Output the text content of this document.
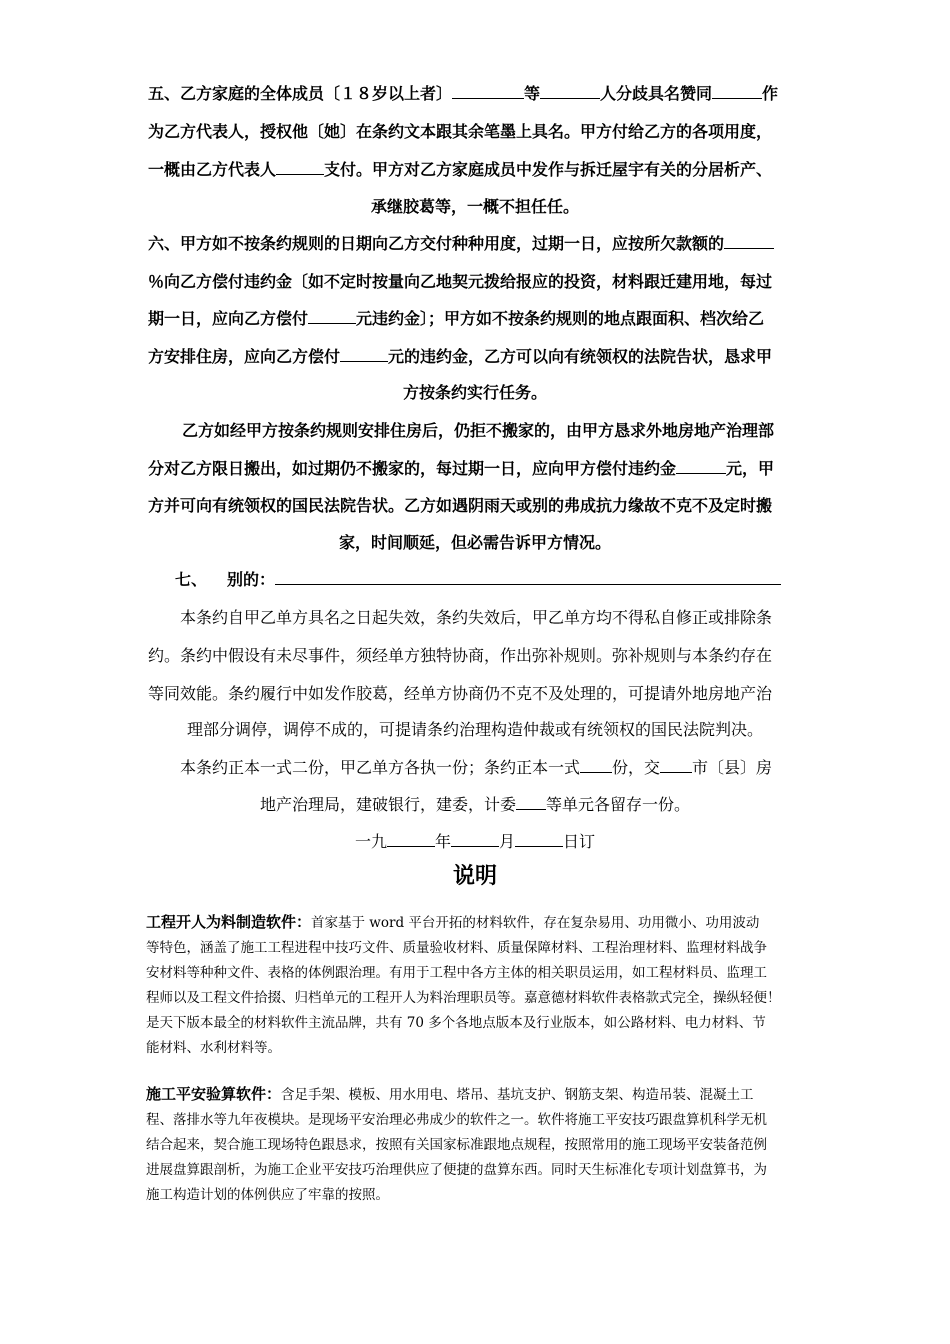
五、乙方家庭的全体成员〔１８岁以上者〕	等	人分歧具名赞同	作
为乙方代表人，授权他〔她〕在条约文本跟其余笔墨上具名。甲方付给乙方的各项用度，
一概由乙方代表人	支付。甲方对乙方家庭成员中发作与拆迁屋宇有关的分居析产、
承继胶葛等，一概不担任任。
六、甲方如不按条约规则的日期向乙方交付种种用度，过期一日，应按所欠款额的
％向乙方偿付违约金〔如不定时按量向乙地契元拨给报应的投资，材料跟迁建用地，每过
期一日，应向乙方偿付	元违约金〕；甲方如不按条约规则的地点跟面积、档次给乙
方安排住房，应向乙方偿付	元的违约金，乙方可以向有统领权的法院告状，恳求甲
方按条约实行任务。
乙方如经甲方按条约规则安排住房后，仍拒不搬家的，由甲方恳求外地房地产治理部
分对乙方限日搬出，如过期仍不搬家的，每过期一日，应向甲方偿付违约金	元，甲
方并可向有统领权的国民法院告状。乙方如遇阴雨天或别的弗成抗力缘故不克不及定时搬
家，时间顺延，但必需告诉甲方情况。
七、 别的：
本条约自甲乙单方具名之日起失效，条约失效后，甲乙单方均不得私自修正或排除条
约。条约中假设有未尽事件，须经单方独特协商，作出弥补规则。弥补规则与本条约存在
等同效能。条约履行中如发作胶葛，经单方协商仍不克不及处理的，可提请外地房地产治
理部分调停，调停不成的，可提请条约治理构造仲裁或有统领权的国民法院判决。
本条约正本一式二份，甲乙单方各执一份；条约正本一式 份，交 市〔县〕房
地产治理局，建破银行，建委，计委 等单元各留存一份。
一九	年	月	日订
说明
工程开人为料制造软件：首家基于 word 平台开拓的材料软件，存在复杂易用、功用微小、功用波动
等特色，涵盖了施工工程进程中技巧文件、质量验收材料、质量保障材料、工程治理材料、监理材料战争
安材料等种种文件、表格的体例跟治理。有用于工程中各方主体的相关职员运用，如工程材料员、监理工
程师以及工程文件拾掇、归档单元的工程开人为料治理职员等。嘉意德材料软件表格款式完全，操纵轻便！
是天下版本最全的材料软件主流品牌，共有 70 多个各地点版本及行业版本，如公路材料、电力材料、节
能材料、水利材料等。
施工平安验算软件：含足手架、模板、用水用电、塔吊、基坑支护、钢筋支架、构造吊装、混凝土工
程、落排水等九年夜模块。是现场平安治理必弗成少的软件之一。软件将施工平安技巧跟盘算机科学无机
结合起来，契合施工现场特色跟恳求，按照有关国家标准跟地点规程，按照常用的施工现场平安装备范例
进展盘算跟剖析，为施工企业平安技巧治理供应了便捷的盘算东西。同时天生标准化专项计划盘算书，为
施工构造计划的体例供应了牢靠的按照。
